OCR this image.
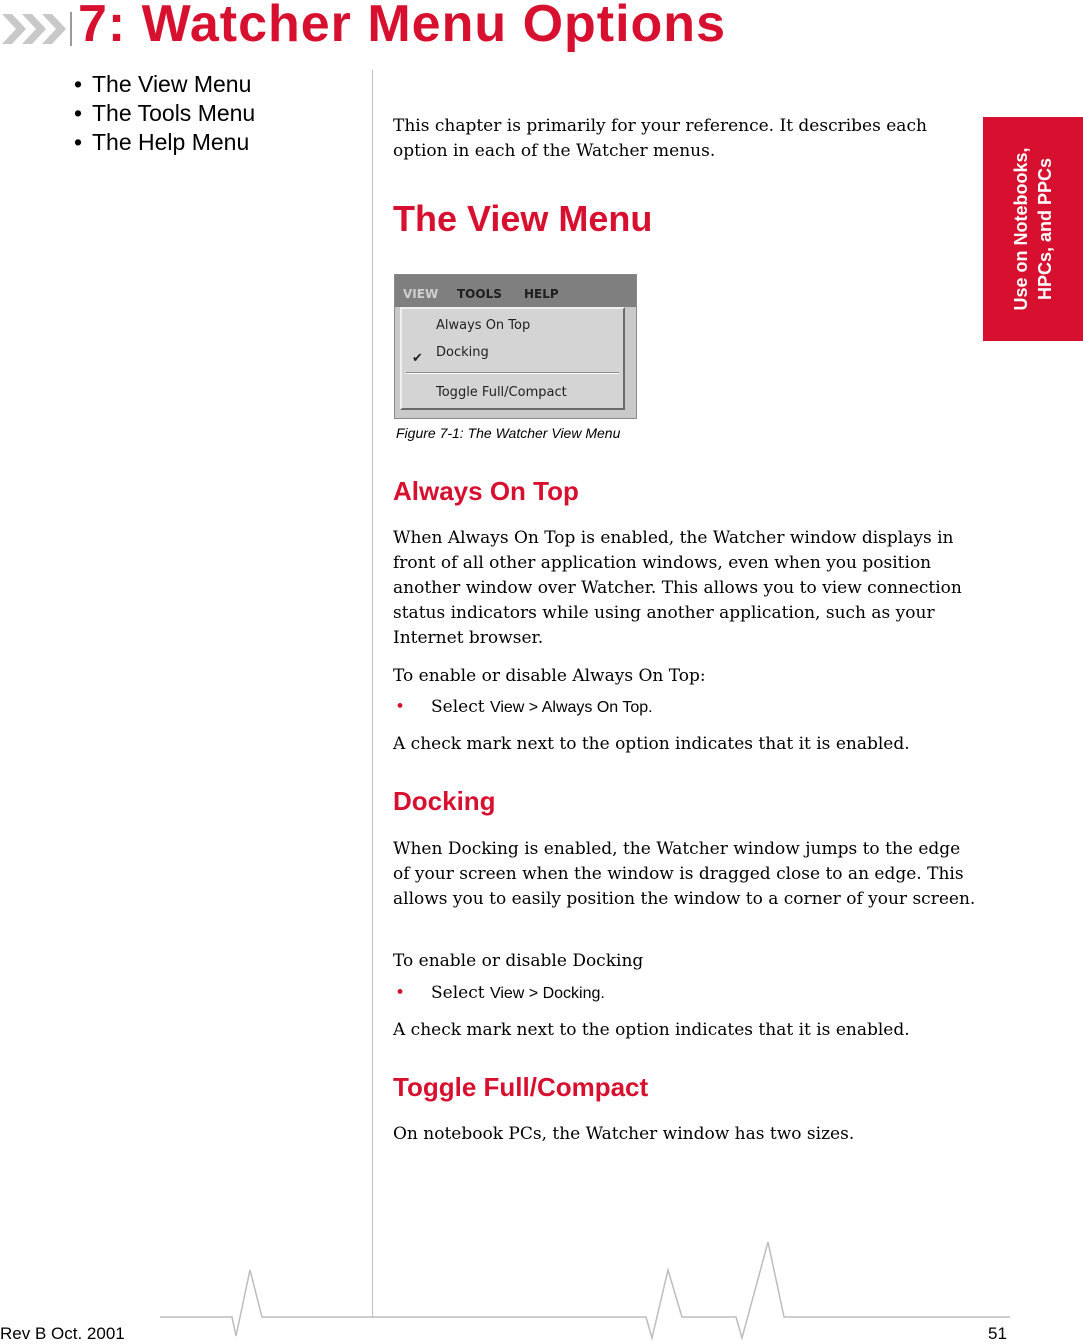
7: Watcher Menu Options
• The View Menu
• The Tools Menu
• The Help Menu
Use on Notebooks, HPCs, and PPCs

This chapter is primarily for your reference. It describes each option in each of the Watcher menus.

The View Menu
VIEW TOOLS HELP
Always On Top
✔ Docking
Toggle Full/Compact
Figure 7-1: The Watcher View Menu
Always On Top

When Always On Top is enabled, the Watcher window displays in front of all other application windows, even when you position another window over Watcher. This allows you to view connection status indicators while using another application, such as your Internet browser.

To enable or disable Always On Top:

• Select View > Always On Top.

A check mark next to the option indicates that it is enabled.

Docking

When Docking is enabled, the Watcher window jumps to the edge of your screen when the window is dragged close to an edge. This allows you to easily position the window to a corner of your screen.

To enable or disable Docking

• Select View > Docking.

A check mark next to the option indicates that it is enabled.

Toggle Full/Compact

On notebook PCs, the Watcher window has two sizes.

Rev B Oct. 2001	51
